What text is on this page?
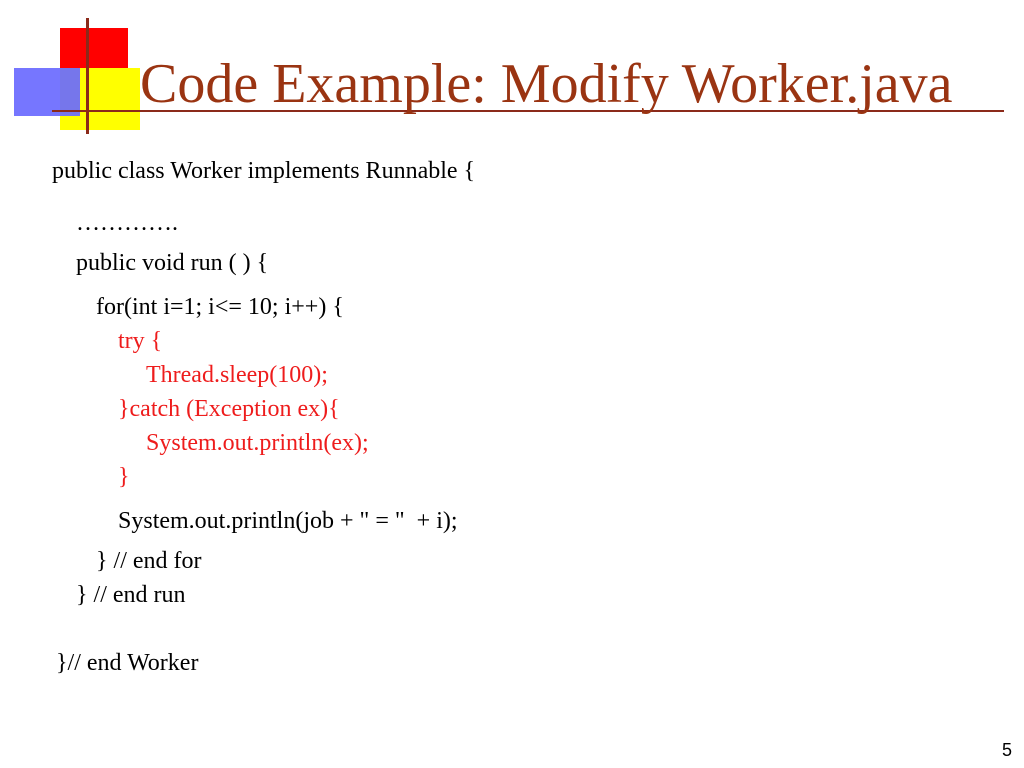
Code Example: Modify Worker.java
public class Worker implements Runnable {
………….
public void run ( ) {
for(int i=1; i<= 10; i++) {
try {
Thread.sleep(100);
}catch (Exception ex){
System.out.println(ex);
}
System.out.println(job + " = "  + i);
} // end for
} // end run
}// end Worker
5
